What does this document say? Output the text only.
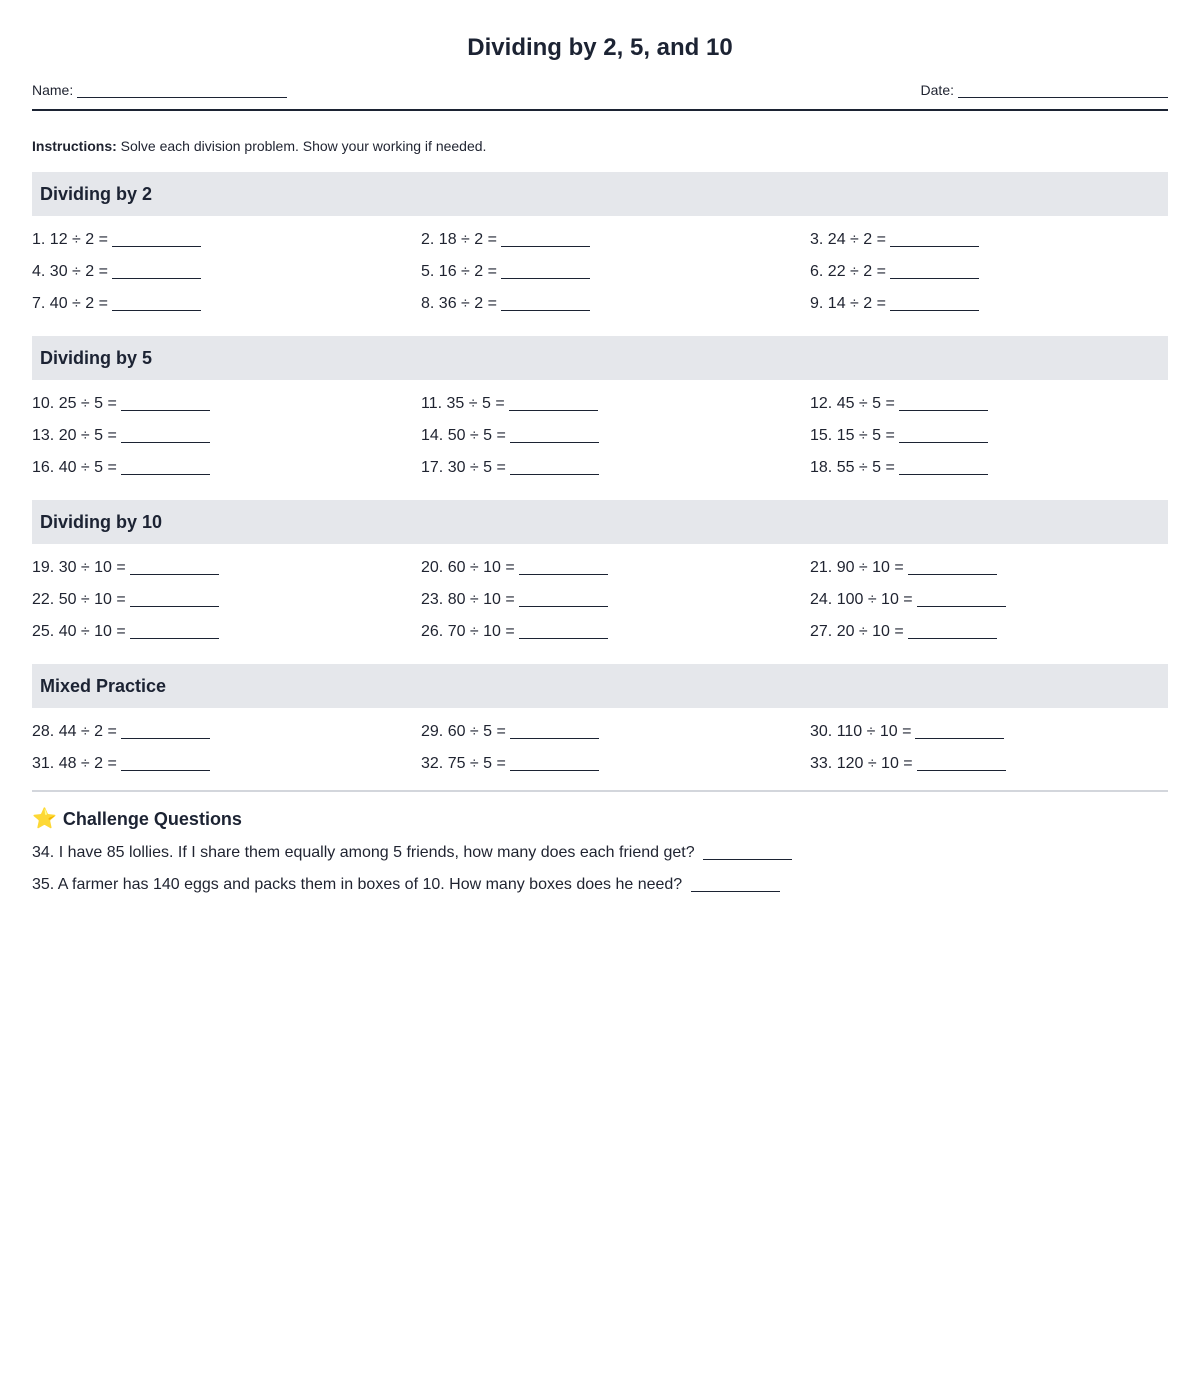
Dividing by 2, 5, and 10
Name:	Date:
Instructions: Solve each division problem. Show your working if needed.
Dividing by 2
1. 12 ÷ 2 =	2. 18 ÷ 2 =	3. 24 ÷ 2 =
4. 30 ÷ 2 =	5. 16 ÷ 2 =	6. 22 ÷ 2 =
7. 40 ÷ 2 =	8. 36 ÷ 2 =	9. 14 ÷ 2 =
Dividing by 5
10. 25 ÷ 5 =	11. 35 ÷ 5 =	12. 45 ÷ 5 =
13. 20 ÷ 5 =	14. 50 ÷ 5 =	15. 15 ÷ 5 =
16. 40 ÷ 5 =	17. 30 ÷ 5 =	18. 55 ÷ 5 =
Dividing by 10
19. 30 ÷ 10 =	20. 60 ÷ 10 =	21. 90 ÷ 10 =
22. 50 ÷ 10 =	23. 80 ÷ 10 =	24. 100 ÷ 10 =
25. 40 ÷ 10 =	26. 70 ÷ 10 =	27. 20 ÷ 10 =
Mixed Practice
28. 44 ÷ 2 =	29. 60 ÷ 5 =	30. 110 ÷ 10 =
31. 48 ÷ 2 =	32. 75 ÷ 5 =	33. 120 ÷ 10 =
⭐ Challenge Questions
34. I have 85 lollies. If I share them equally among 5 friends, how many does each friend get?
35. A farmer has 140 eggs and packs them in boxes of 10. How many boxes does he need?
